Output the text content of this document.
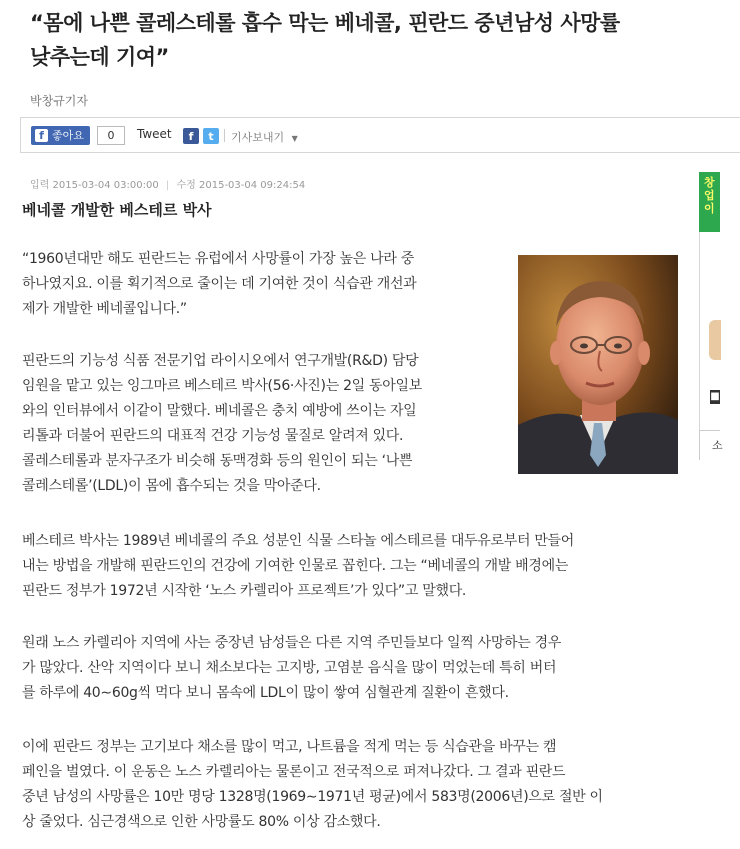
“몸에 나쁜 콜레스테롤 흡수 막는 베네콜, 핀란드 중년남성 사망률
낮추는데 기여”
박창규기자
f 좋아요	0	Tweet	f	t	기사보내기 ▼
입력 2015-03-04 03:00:00 | 수정 2015-03-04 09:24:54
베네콜 개발한 베스테르 박사
“1960년대만 해도 핀란드는 유럽에서 사망률이 가장 높은 나라 중
하나였지요. 이를 획기적으로 줄이는 데 기여한 것이 식습관 개선과
제가 개발한 베네콜입니다.”
핀란드의 기능성 식품 전문기업 라이시오에서 연구개발(R&D) 담당
임원을 맡고 있는 잉그마르 베스테르 박사(56·사진)는 2일 동아일보
와의 인터뷰에서 이같이 말했다. 베네콜은 충치 예방에 쓰이는 자일
리톨과 더불어 핀란드의 대표적 건강 기능성 물질로 알려져 있다.
콜레스테롤과 분자구조가 비슷해 동맥경화 등의 원인이 되는 ‘나쁜
콜레스테롤’(LDL)이 몸에 흡수되는 것을 막아준다.
베스테르 박사는 1989년 베네콜의 주요 성분인 식물 스타놀 에스테르를 대두유로부터 만들어
내는 방법을 개발해 핀란드인의 건강에 기여한 인물로 꼽힌다. 그는 “베네콜의 개발 배경에는
핀란드 정부가 1972년 시작한 ‘노스 카렐리아 프로젝트’가 있다”고 말했다.
원래 노스 카렐리아 지역에 사는 중장년 남성들은 다른 지역 주민들보다 일찍 사망하는 경우
가 많았다. 산악 지역이다 보니 채소보다는 고지방, 고염분 음식을 많이 먹었는데 특히 버터
를 하루에 40∼60g씩 먹다 보니 몸속에 LDL이 많이 쌓여 심혈관계 질환이 흔했다.
이에 핀란드 정부는 고기보다 채소를 많이 먹고, 나트륨을 적게 먹는 등 식습관을 바꾸는 캠
페인을 벌였다. 이 운동은 노스 카렐리아는 물론이고 전국적으로 퍼져나갔다. 그 결과 핀란드
중년 남성의 사망률은 10만 명당 1328명(1969∼1971년 평균)에서 583명(2006년)으로 절반 이
상 줄었다. 심근경색으로 인한 사망률도 80% 이상 감소했다.
창업 이
■
소
